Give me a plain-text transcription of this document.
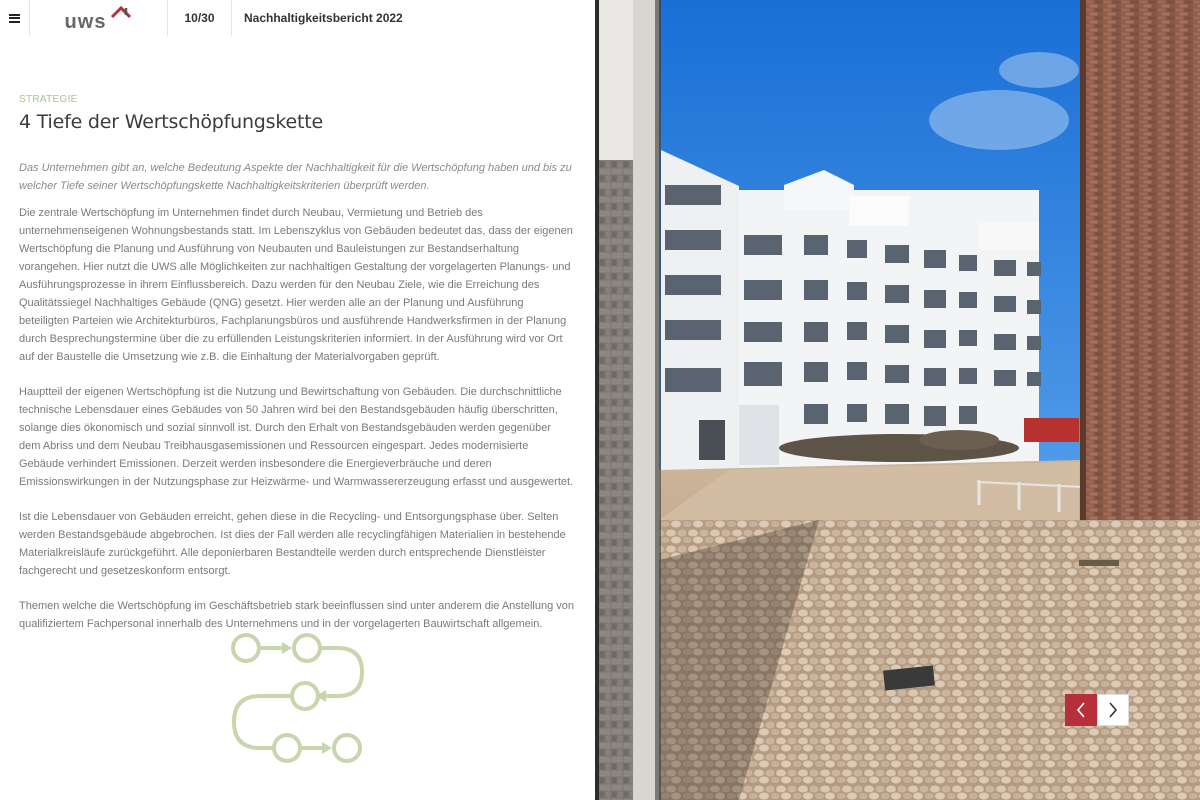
uws	10/30	Nachhaltigkeitsbericht 2022
STRATEGIE
4 Tiefe der Wertschöpfungskette

Das Unternehmen gibt an, welche Bedeutung Aspekte der Nachhaltigkeit für die Wertschöpfung haben und bis zu welcher Tiefe seiner Wertschöpfungskette Nachhaltigkeitskriterien überprüft werden.

Die zentrale Wertschöpfung im Unternehmen findet durch Neubau, Vermietung und Betrieb des unternehmenseigenen Wohnungsbestands statt. Im Lebenszyklus von Gebäuden bedeutet das, dass der eigenen Wertschöpfung die Planung und Ausführung von Neubauten und Bauleistungen zur Bestandserhaltung vorangehen. Hier nutzt die UWS alle Möglichkeiten zur nachhaltigen Gestaltung der vorgelagerten Planungs- und Ausführungsprozesse in ihrem Einflussbereich. Dazu werden für den Neubau Ziele, wie die Erreichung des Qualitätssiegel Nachhaltiges Gebäude (QNG) gesetzt. Hier werden alle an der Planung und Ausführung beteiligten Parteien wie Architekturbüros, Fachplanungsbüros und ausführende Handwerksfirmen in der Planung durch Besprechungstermine über die zu erfüllenden Leistungskriterien informiert. In der Ausführung wird vor Ort auf der Baustelle die Umsetzung wie z.B. die Einhaltung der Materialvorgaben geprüft.

Hauptteil der eigenen Wertschöpfung ist die Nutzung und Bewirtschaftung von Gebäuden. Die durchschnittliche technische Lebensdauer eines Gebäudes von 50 Jahren wird bei den Bestandsgebäuden häufig überschritten, solange dies ökonomisch und sozial sinnvoll ist. Durch den Erhalt von Bestandsgebäuden werden gegenüber dem Abriss und dem Neubau Treibhausgasemissionen und Ressourcen eingespart. Jedes modernisierte Gebäude verhindert Emissionen. Derzeit werden insbesondere die Energieverbräuche und deren Emissionswirkungen in der Nutzungsphase zur Heizwärme- und Warmwassererzeugung erfasst und ausgewertet.

Ist die Lebensdauer von Gebäuden erreicht, gehen diese in die Recycling- und Entsorgungsphase über. Selten werden Bestandsgebäude abgebrochen. Ist dies der Fall werden alle recyclingfähigen Materialien in bestehende Materialkreisläufe zurückgeführt. Alle deponierbaren Bestandteile werden durch entsprechende Dienstleister fachgerecht und gesetzeskonform entsorgt.

Themen welche die Wertschöpfung im Geschäftsbetrieb stark beeinflussen sind unter anderem die Anstellung von qualifiziertem Fachpersonal innerhalb des Unternehmens und in der vorgelagerten Bauwirtschaft allgemein.
